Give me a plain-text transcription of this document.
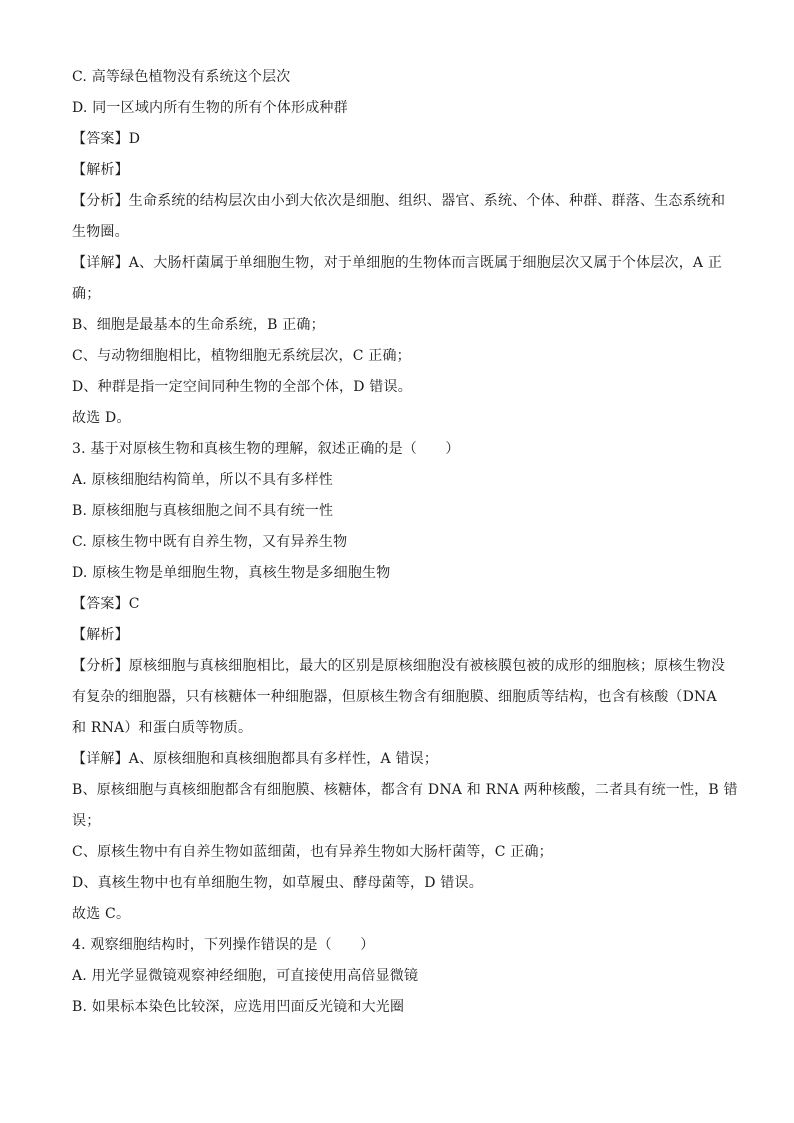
C. 高等绿色植物没有系统这个层次
D. 同一区域内所有生物的所有个体形成种群
【答案】D
【解析】
【分析】生命系统的结构层次由小到大依次是细胞、组织、器官、系统、个体、种群、群落、生态系统和
生物圈。
【详解】A、大肠杆菌属于单细胞生物，对于单细胞的生物体而言既属于细胞层次又属于个体层次，A 正
确；
B、细胞是最基本的生命系统，B 正确；
C、与动物细胞相比，植物细胞无系统层次，C 正确；
D、种群是指一定空间同种生物的全部个体，D 错误。
故选 D。
3. 基于对原核生物和真核生物的理解，叙述正确的是（　　）
A. 原核细胞结构简单，所以不具有多样性
B. 原核细胞与真核细胞之间不具有统一性
C. 原核生物中既有自养生物，又有异养生物
D. 原核生物是单细胞生物，真核生物是多细胞生物
【答案】C
【解析】
【分析】原核细胞与真核细胞相比，最大的区别是原核细胞没有被核膜包被的成形的细胞核；原核生物没
有复杂的细胞器，只有核糖体一种细胞器，但原核生物含有细胞膜、细胞质等结构，也含有核酸（DNA
和 RNA）和蛋白质等物质。
【详解】A、原核细胞和真核细胞都具有多样性，A 错误；
B、原核细胞与真核细胞都含有细胞膜、核糖体，都含有 DNA 和 RNA 两种核酸，二者具有统一性，B 错
误；
C、原核生物中有自养生物如蓝细菌，也有异养生物如大肠杆菌等，C 正确；
D、真核生物中也有单细胞生物，如草履虫、酵母菌等，D 错误。
故选 C。
4. 观察细胞结构时，下列操作错误的是（　　）
A. 用光学显微镜观察神经细胞，可直接使用高倍显微镜
B. 如果标本染色比较深，应选用凹面反光镜和大光圈
